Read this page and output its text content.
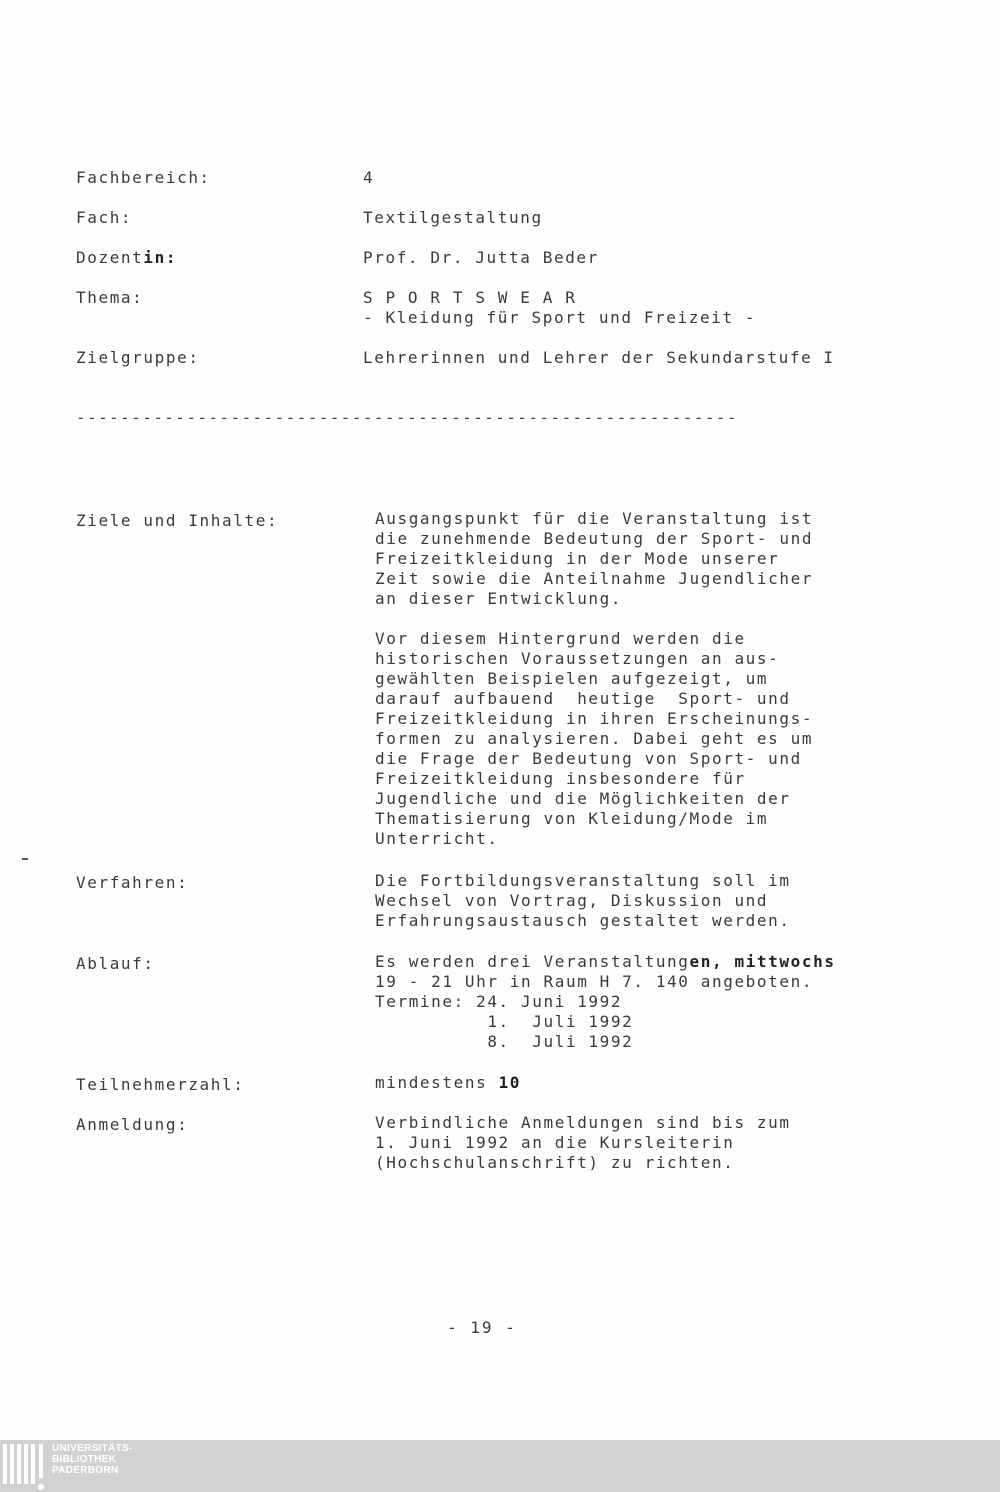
Fachbereich:	4
Fach:	Textilgestaltung
Dozentin:	Prof. Dr. Jutta Beder
Thema:	S P O R T S W E A R
- Kleidung für Sport und Freizeit -
Zielgruppe:	Lehrerinnen und Lehrer der Sekundarstufe I
------------------------------------------------------------
Ziele und Inhalte:	Ausgangspunkt für die Veranstaltung ist
die zunehmende Bedeutung der Sport- und
Freizeitkleidung in der Mode unserer
Zeit sowie die Anteilnahme Jugendlicher
an dieser Entwicklung.
Vor diesem Hintergrund werden die
historischen Voraussetzungen an aus-
gewählten Beispielen aufgezeigt, um
darauf aufbauend  heutige  Sport- und
Freizeitkleidung in ihren Erscheinungs-
formen zu analysieren. Dabei geht es um
die Frage der Bedeutung von Sport- und
Freizeitkleidung insbesondere für
Jugendliche und die Möglichkeiten der
Thematisierung von Kleidung/Mode im
Unterricht.
Verfahren:	Die Fortbildungsveranstaltung soll im
Wechsel von Vortrag, Diskussion und
Erfahrungsaustausch gestaltet werden.
Ablauf:	Es werden drei Veranstaltungen, mittwochs
19 - 21 Uhr in Raum H 7. 140 angeboten.
Termine: 24. Juni 1992
1.  Juli 1992
8.  Juli 1992
Teilnehmerzahl:	mindestens 10
Anmeldung:	Verbindliche Anmeldungen sind bis zum
1. Juni 1992 an die Kursleiterin
(Hochschulanschrift) zu richten.
- 19 -
UNIVERSITÄTS-
BIBLIOTHEK
PADERBORN
